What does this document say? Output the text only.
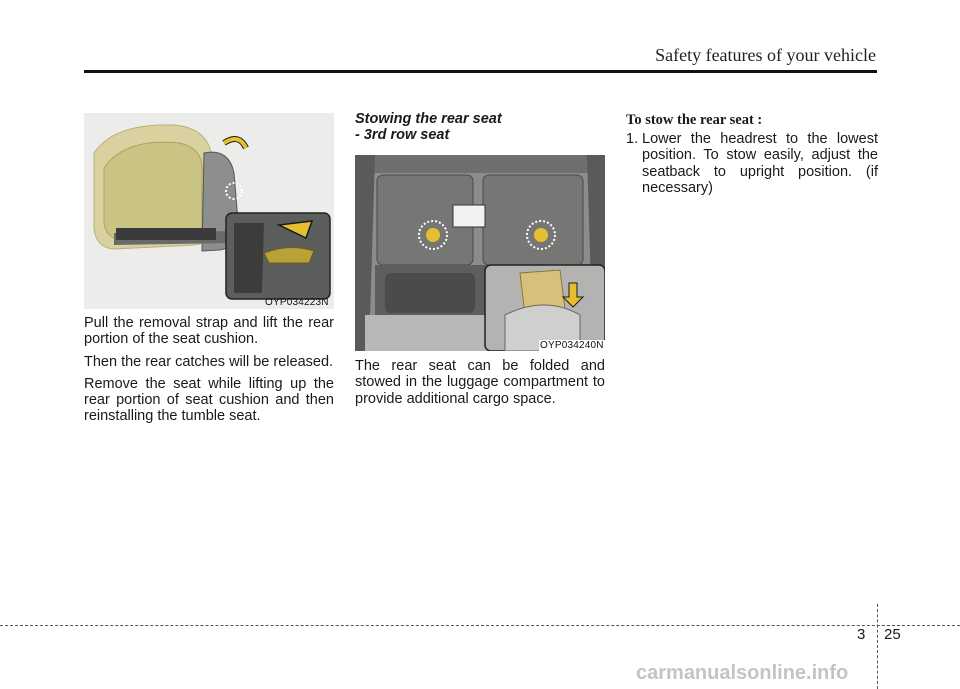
Safety features of your vehicle
OYP034223N

Pull the removal strap and lift the rear portion of the seat cushion.

Then the rear catches will be released.

Remove the seat while lifting up the rear portion of seat cushion and then reinstalling the tumble seat.

Stowing the rear seat
- 3rd row seat
OYP034240N

The rear seat can be folded and stowed in the luggage compartment to provide additional cargo space.

To stow the rear seat :
1. Lower the headrest to the lowest position. To stow easily, adjust the seatback to upright position. (if necessary)
3 25
carmanualsonline.info
